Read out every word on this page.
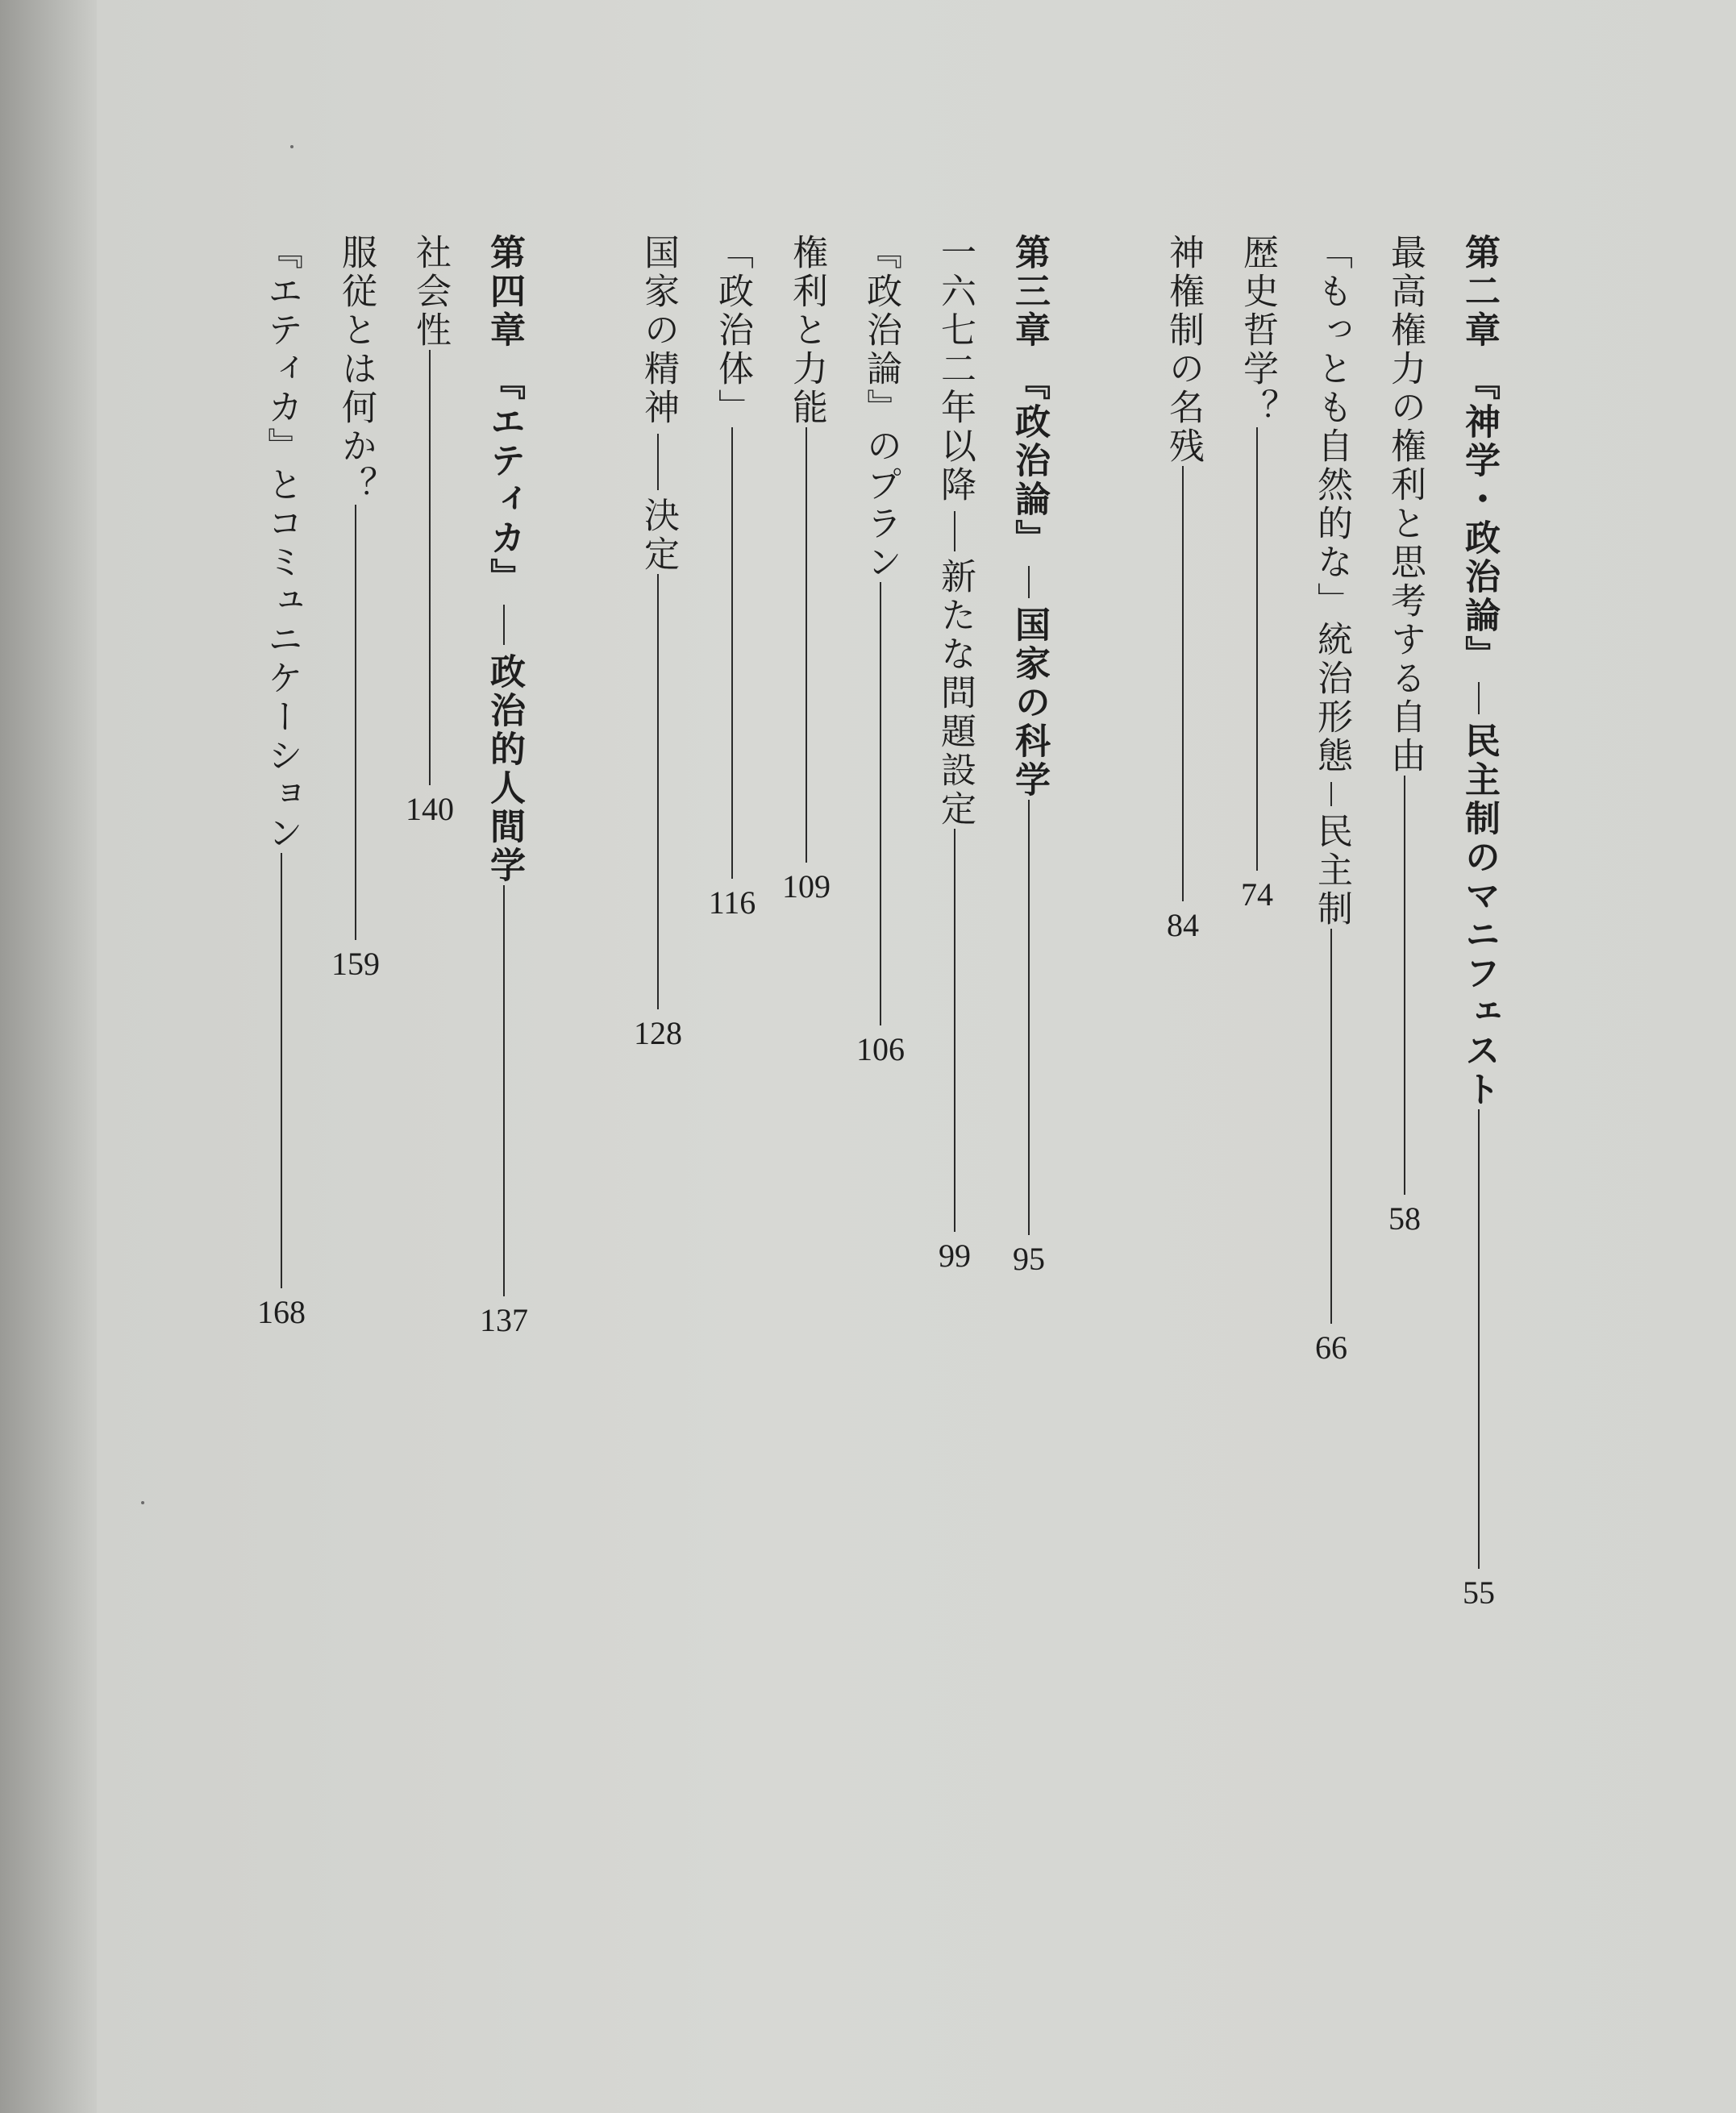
第二章
『神学・政治論』
民主制のマニフェスト
55
最高権力の権利と思考する自由
58
「もっとも自然的な」統治形態
民主制
66
歴史哲学？
74
神権制の名残
84
第三章
『政治論』
国家の科学
95
一六七二年以降
新たな問題設定
99
『政治論』のプラン
106
権利と力能
109
「政治体」
116
国家の精神
決定
128
第四章
『エティカ』
政治的人間学
137
社会性
140
服従とは何か？
159
『エティカ』とコミュニケーション
168
